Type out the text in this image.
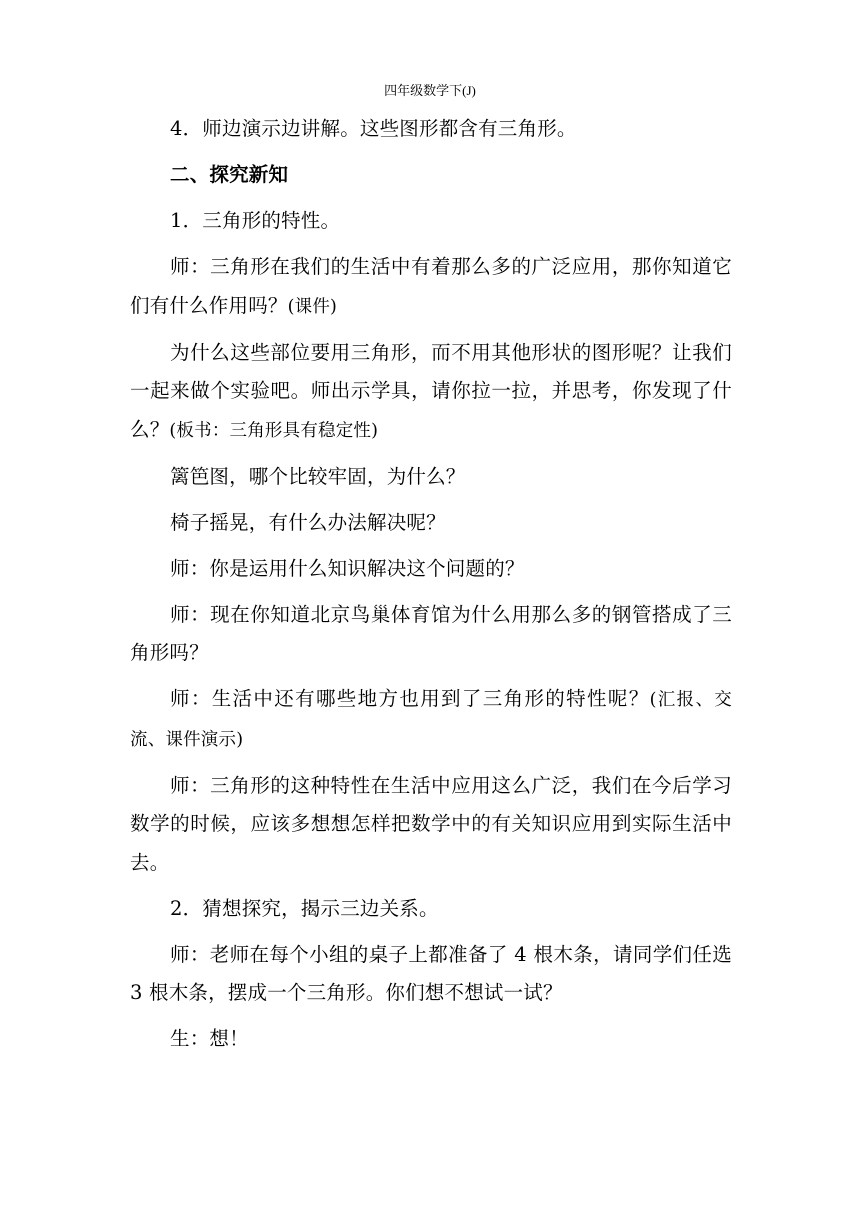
四年级数学下(J)

4．师边演示边讲解。这些图形都含有三角形。

二、探究新知

1．三角形的特性。

师：三角形在我们的生活中有着那么多的广泛应用，那你知道它们有什么作用吗？(课件)

为什么这些部位要用三角形，而不用其他形状的图形呢？让我们一起来做个实验吧。师出示学具，请你拉一拉，并思考，你发现了什么？(板书：三角形具有稳定性)

篱笆图，哪个比较牢固，为什么？

椅子摇晃，有什么办法解决呢？

师：你是运用什么知识解决这个问题的？

师：现在你知道北京鸟巢体育馆为什么用那么多的钢管搭成了三角形吗？

师：生活中还有哪些地方也用到了三角形的特性呢？(汇报、交流、课件演示)

师：三角形的这种特性在生活中应用这么广泛，我们在今后学习数学的时候，应该多想想怎样把数学中的有关知识应用到实际生活中去。

2．猜想探究，揭示三边关系。

师：老师在每个小组的桌子上都准备了 4 根木条，请同学们任选 3 根木条，摆成一个三角形。你们想不想试一试？

生：想！
